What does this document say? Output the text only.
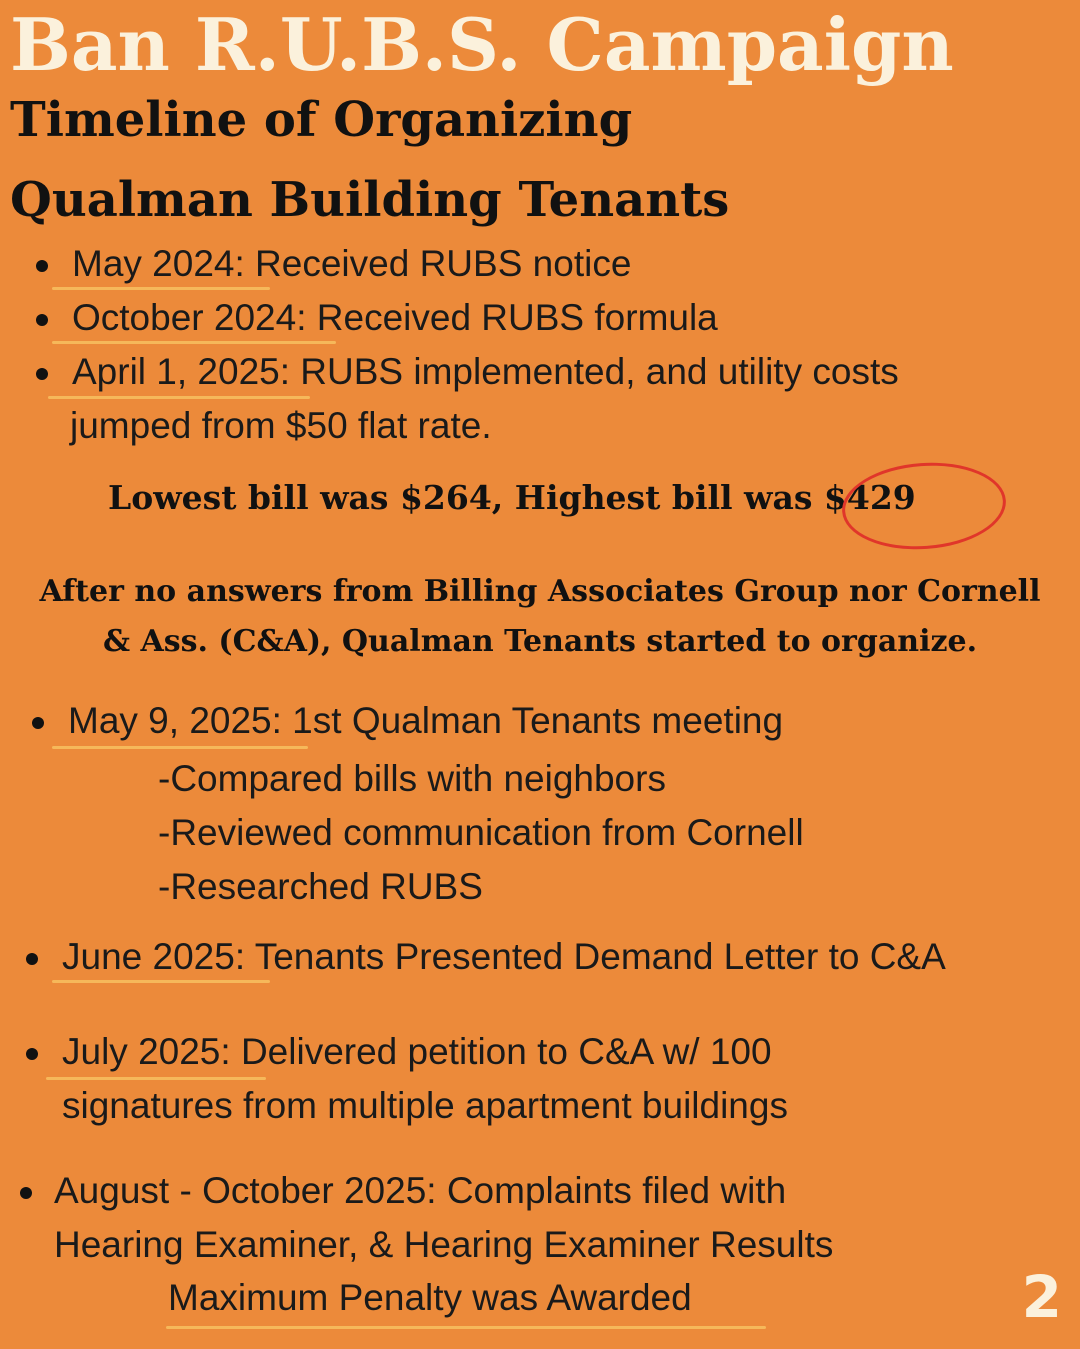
Ban R.U.B.S. Campaign
Timeline of Organizing
Qualman Building Tenants
May 2024: Received RUBS notice
October 2024: Received RUBS formula
April 1, 2025: RUBS implemented, and utility costs
jumped from $50 flat rate.
Lowest bill was $264, Highest bill was $429
After no answers from Billing Associates Group nor Cornell
& Ass. (C&A), Qualman Tenants started to organize.
May 9, 2025: 1st Qualman Tenants meeting
-Compared bills with neighbors
-Reviewed communication from Cornell
-Researched RUBS
June 2025: Tenants Presented Demand Letter to C&A
July 2025: Delivered petition to C&A w/ 100
signatures from multiple apartment buildings
August - October 2025: Complaints filed with
Hearing Examiner, & Hearing Examiner Results
Maximum Penalty was Awarded	2
